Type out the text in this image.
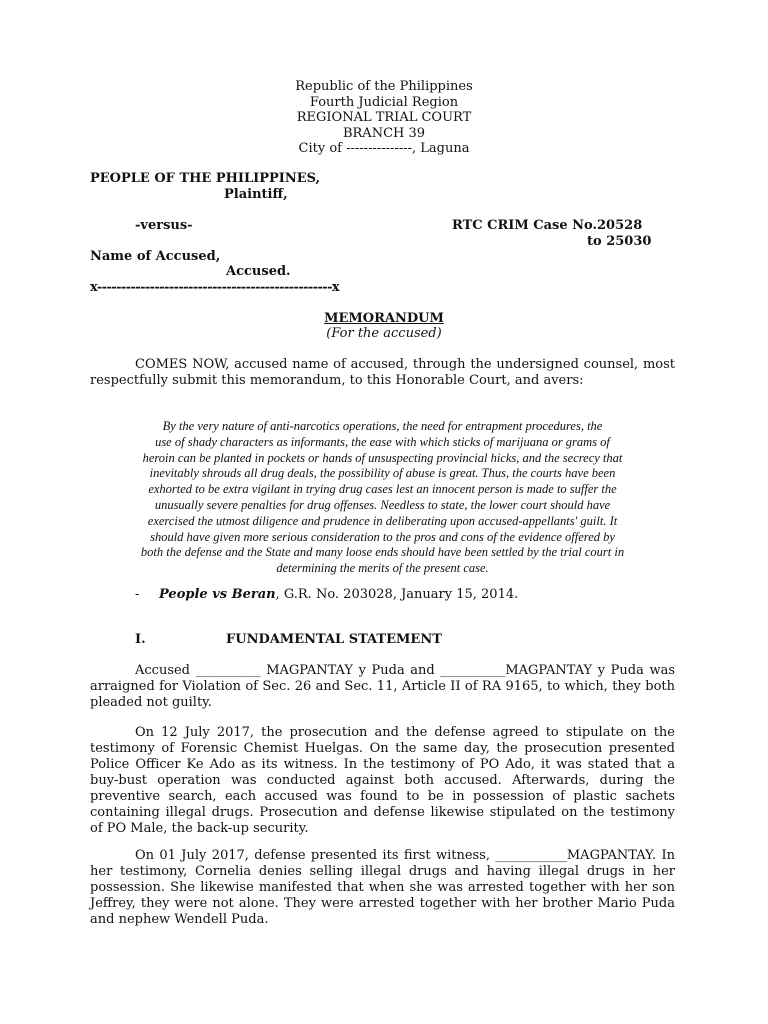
Republic of the Philippines
Fourth Judicial Region
REGIONAL TRIAL COURT
BRANCH 39
City of ---------------, Laguna
PEOPLE OF THE PHILIPPINES,
Plaintiff,
-versus-	RTC CRIM Case No.20528
to 25030
Name of Accused,
Accused.
x-------------------------------------------------x
MEMORANDUM
(For the accused)
COMES NOW, accused name of accused, through the undersigned counsel, most respectfully submit this memorandum, to this Honorable Court, and avers:
By the very nature of anti-narcotics operations, the need for entrapment procedures, the
use of shady characters as informants, the ease with which sticks of marijuana or grams of
heroin can be planted in pockets or hands of unsuspecting provincial hicks, and the secrecy that
inevitably shrouds all drug deals, the possibility of abuse is great. Thus, the courts have been
exhorted to be extra vigilant in trying drug cases lest an innocent person is made to suffer the
unusually severe penalties for drug offenses. Needless to state, the lower court should have
exercised the utmost diligence and prudence in deliberating upon accused-appellants' guilt. It
should have given more serious consideration to the pros and cons of the evidence offered by
both the defense and the State and many loose ends should have been settled by the trial court in
determining the merits of the present case.
- People vs Beran, G.R. No. 203028, January 15, 2014.
I.	FUNDAMENTAL STATEMENT
Accused __________ MAGPANTAY y Puda and __________MAGPANTAY y Puda was arraigned for Violation of Sec. 26 and Sec. 11, Article II of RA 9165, to which, they both pleaded not guilty.
On 12 July 2017, the prosecution and the defense agreed to stipulate on the testimony of Forensic Chemist Huelgas. On the same day, the prosecution presented Police Officer Ke Ado as its witness. In the testimony of PO Ado, it was stated that a buy-bust operation was conducted against both accused. Afterwards, during the preventive search, each accused was found to be in possession of plastic sachets containing illegal drugs. Prosecution and defense likewise stipulated on the testimony of PO Male, the back-up security.
On 01 July 2017, defense presented its first witness, ___________MAGPANTAY. In her testimony, Cornelia denies selling illegal drugs and having illegal drugs in her possession. She likewise manifested that when she was arrested together with her son Jeffrey, they were not alone. They were arrested together with her brother Mario Puda and nephew Wendell Puda.
